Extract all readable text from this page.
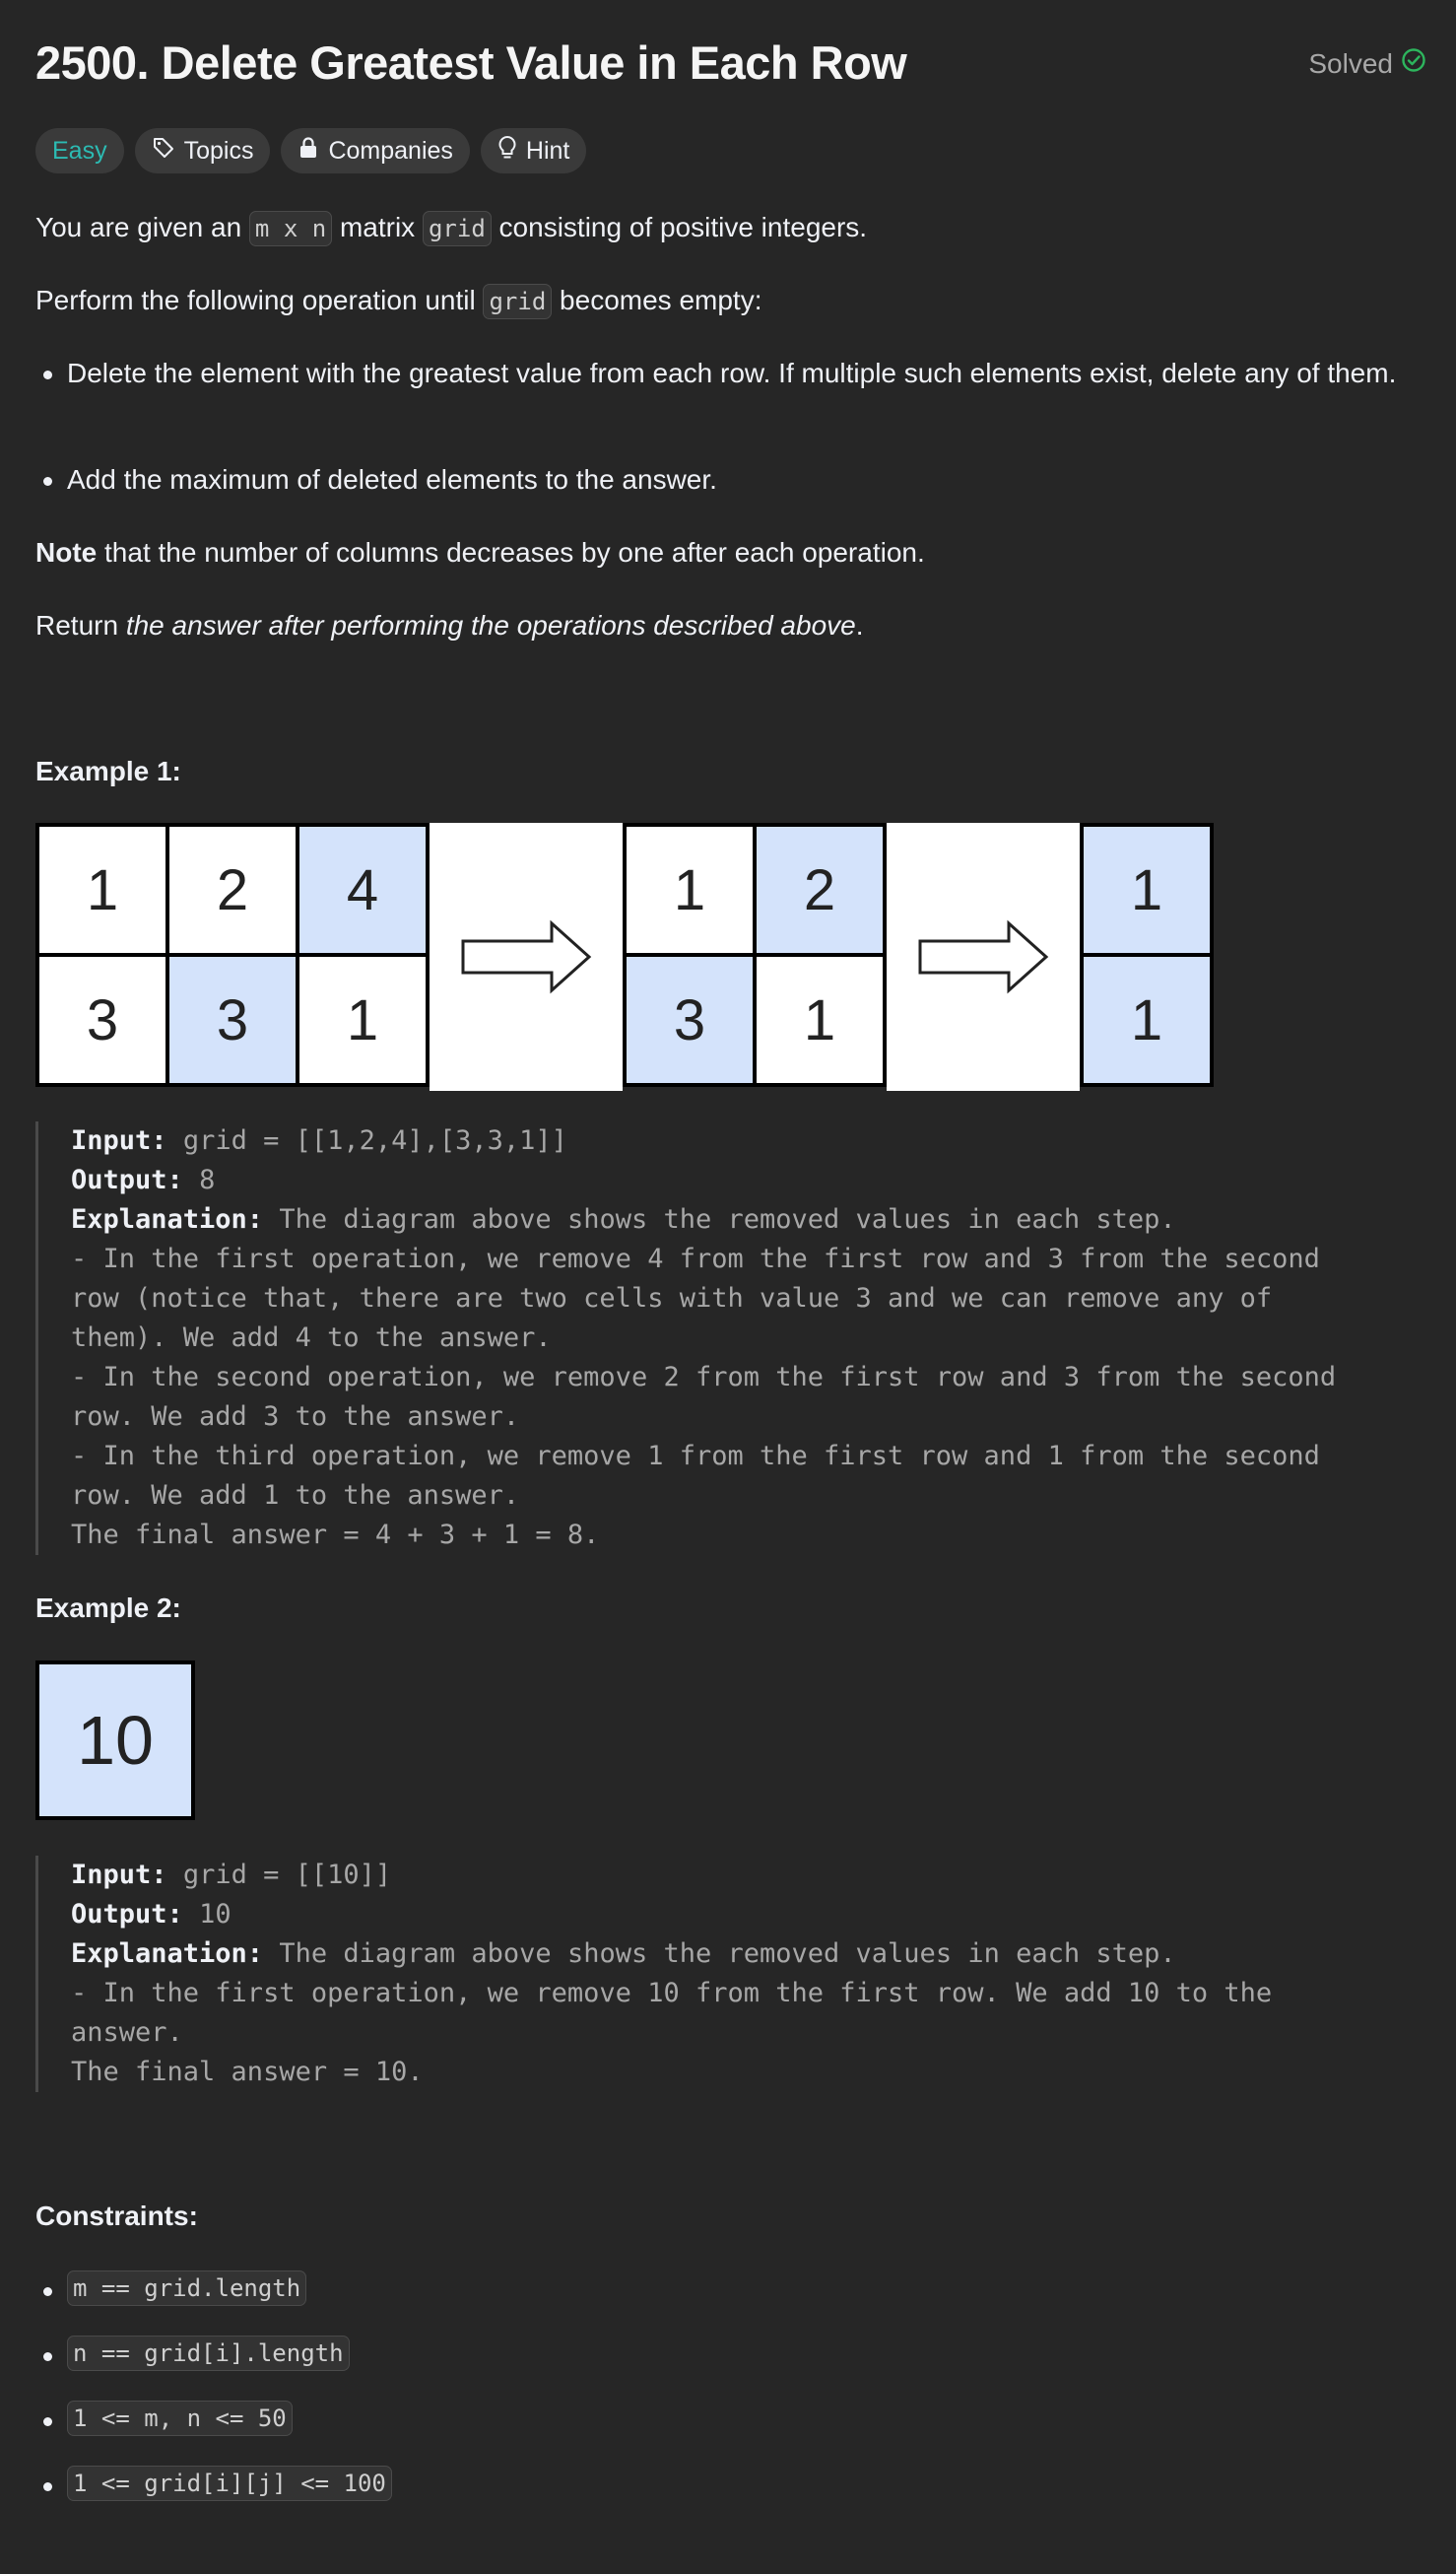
2500. Delete Greatest Value in Each Row	Solved
Easy	Topics	Companies	Hint
You are given an m x n matrix grid consisting of positive integers.
Perform the following operation until grid becomes empty:
Delete the element with the greatest value from each row. If multiple such elements exist, delete any of them.
Add the maximum of deleted elements to the answer.
Note that the number of columns decreases by one after each operation.
Return the answer after performing the operations described above.
Example 1:
1	2	4
3	3	1
1	2
3	1
1
1
Input: grid = [[1,2,4],[3,3,1]]
Output: 8
Explanation: The diagram above shows the removed values in each step.
- In the first operation, we remove 4 from the first row and 3 from the second
row (notice that, there are two cells with value 3 and we can remove any of
them). We add 4 to the answer.
- In the second operation, we remove 2 from the first row and 3 from the second
row. We add 3 to the answer.
- In the third operation, we remove 1 from the first row and 1 from the second
row. We add 1 to the answer.
The final answer = 4 + 3 + 1 = 8.
Example 2:
10
Input: grid = [[10]]
Output: 10
Explanation: The diagram above shows the removed values in each step.
- In the first operation, we remove 10 from the first row. We add 10 to the
answer.
The final answer = 10.
Constraints:
m == grid.length
n == grid[i].length
1 <= m, n <= 50
1 <= grid[i][j] <= 100
